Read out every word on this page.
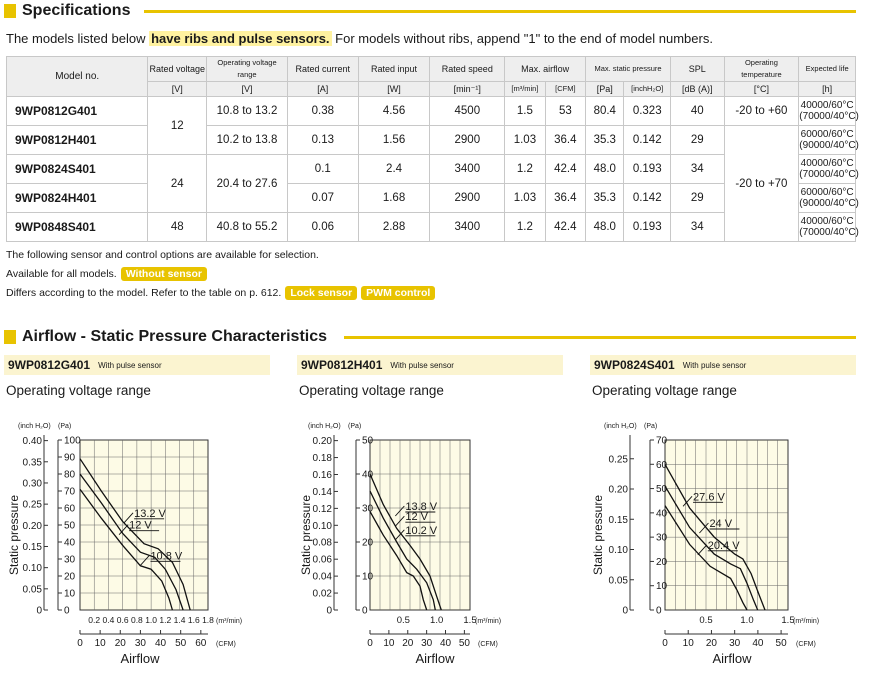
Specifications
The models listed below have ribs and pulse sensors. For models without ribs, append "1" to the end of model numbers.
Model no.	Rated voltage	Operating voltage range	Rated current	Rated input	Rated speed	Max. airflow		Max. static pressure		SPL	Operating temperature	Expected life
	[V]	[V]	[A]	[W]	[min⁻¹]	[m³/min]	[CFM]	[Pa]	[inchH₂O]	[dB (A)]	[°C]	[h]
9WP0812G401	12	10.8 to 13.2	0.38	4.56	4500	1.5	53	80.4	0.323	40	-20 to +60	40000/60°C
(70000/40°C)
9WP0812H401		10.2 to 13.8	0.13	1.56	2900	1.03	36.4	35.3	0.142	29	-20 to +70	60000/60°C
(90000/40°C)
9WP0824S401	24	20.4 to 27.6	0.1	2.4	3400	1.2	42.4	48.0	0.193	34		40000/60°C
(70000/40°C)
9WP0824H401			0.07	1.68	2900	1.03	36.4	35.3	0.142	29		60000/60°C
(90000/40°C)
9WP0848S401	48	40.8 to 55.2	0.06	2.88	3400	1.2	42.4	48.0	0.193	34		40000/60°C
(70000/40°C)
The following sensor and control options are available for selection.
Available for all models. Without sensor
Differs according to the model. Refer to the table on p. 612. Lock sensor	PWM control
Airflow - Static Pressure Characteristics
9WP0812G401 With pulse sensor
Operating voltage range
9WP0812H401 With pulse sensor
Operating voltage range
9WP0824S401 With pulse sensor
Operating voltage range
0
10
20
30
40
50
60
70
80
90
100
0
0.05
0.10
0.15
0.20
0.25
0.30
0.35
0.40
(inch H₂O) (Pa)
Static pressure
0.2 0.4 0.6 0.8 1.0 1.2 1.4 1.6 1.8 (m³/min)
0 10 20 30 40 50 60 (CFM)
Airflow
13.2 V
12 V
10.8 V
0
10
20
30
40
50
0
0.02
0.04
0.06
0.08
0.10
0.12
0.14
0.16
0.18
0.20
(inch H₂O) (Pa)
Static pressure
0.5 1.0 1.5
(m³/min)
0 10 20 30 40 50 (CFM)
Airflow
13.8 V
12 V
10.2 V
0
10
20
30
40
50
60
70
0
0.05
0.10
0.15
0.20
0.25
(inch H₂O) (Pa)
Static pressure
0.5	1.0	1.5
(m³/min)
0 10 20 30 40 50 (CFM)
Airflow
27.6 V
24 V
20.4 V
